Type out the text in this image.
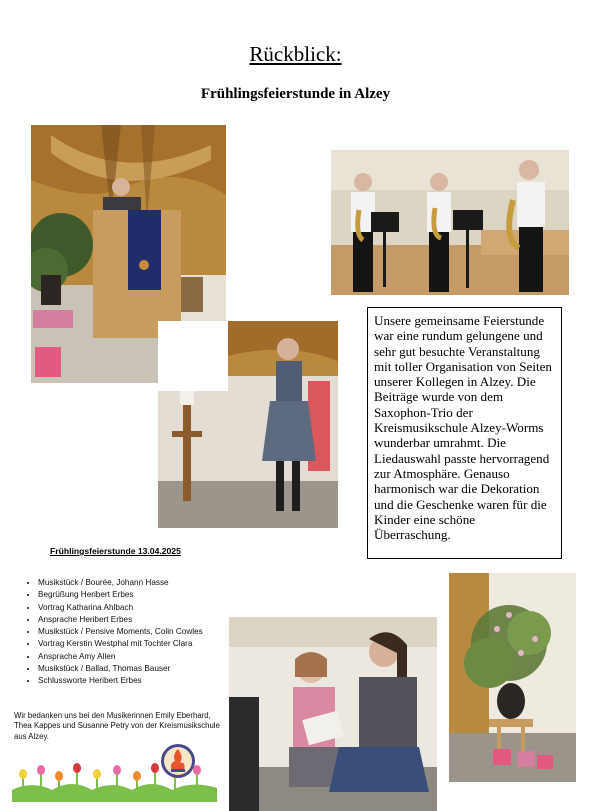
Rückblick:
Frühlingsfeierstunde in Alzey
Unsere gemeinsame Feierstunde war eine rundum gelungene und sehr gut besuchte Veranstaltung mit toller Organisation von Seiten unserer Kollegen in Alzey. Die Beiträge wurde von dem Saxophon-Trio der Kreismusikschule Alzey-Worms wunderbar umrahmt. Die Liedauswahl passte hervorragend zur Atmosphäre. Genauso harmonisch war die Dekoration und die Geschenke waren für die Kinder eine schöne Überraschung.
Frühlingsfeierstunde 13.04.2025
• Musikstück / Bourée, Johann Hasse
• Begrüßung Heribert Erbes
• Vortrag Katharina Ahlbach
• Ansprache Heribert Erbes
• Musikstück / Pensive Moments, Colin Cowles
• Vortrag Kerstin Westphal mit Tochter Clara
• Ansprache Amy Allen
• Musikstück / Ballad, Thomas Bauser
• Schlussworte Heribert Erbes
Wir bedanken uns bei den Musikerinnen Emily Eberhard, Thea Kappes und Susanne Petry von der Kreismusikschule aus Alzey.
